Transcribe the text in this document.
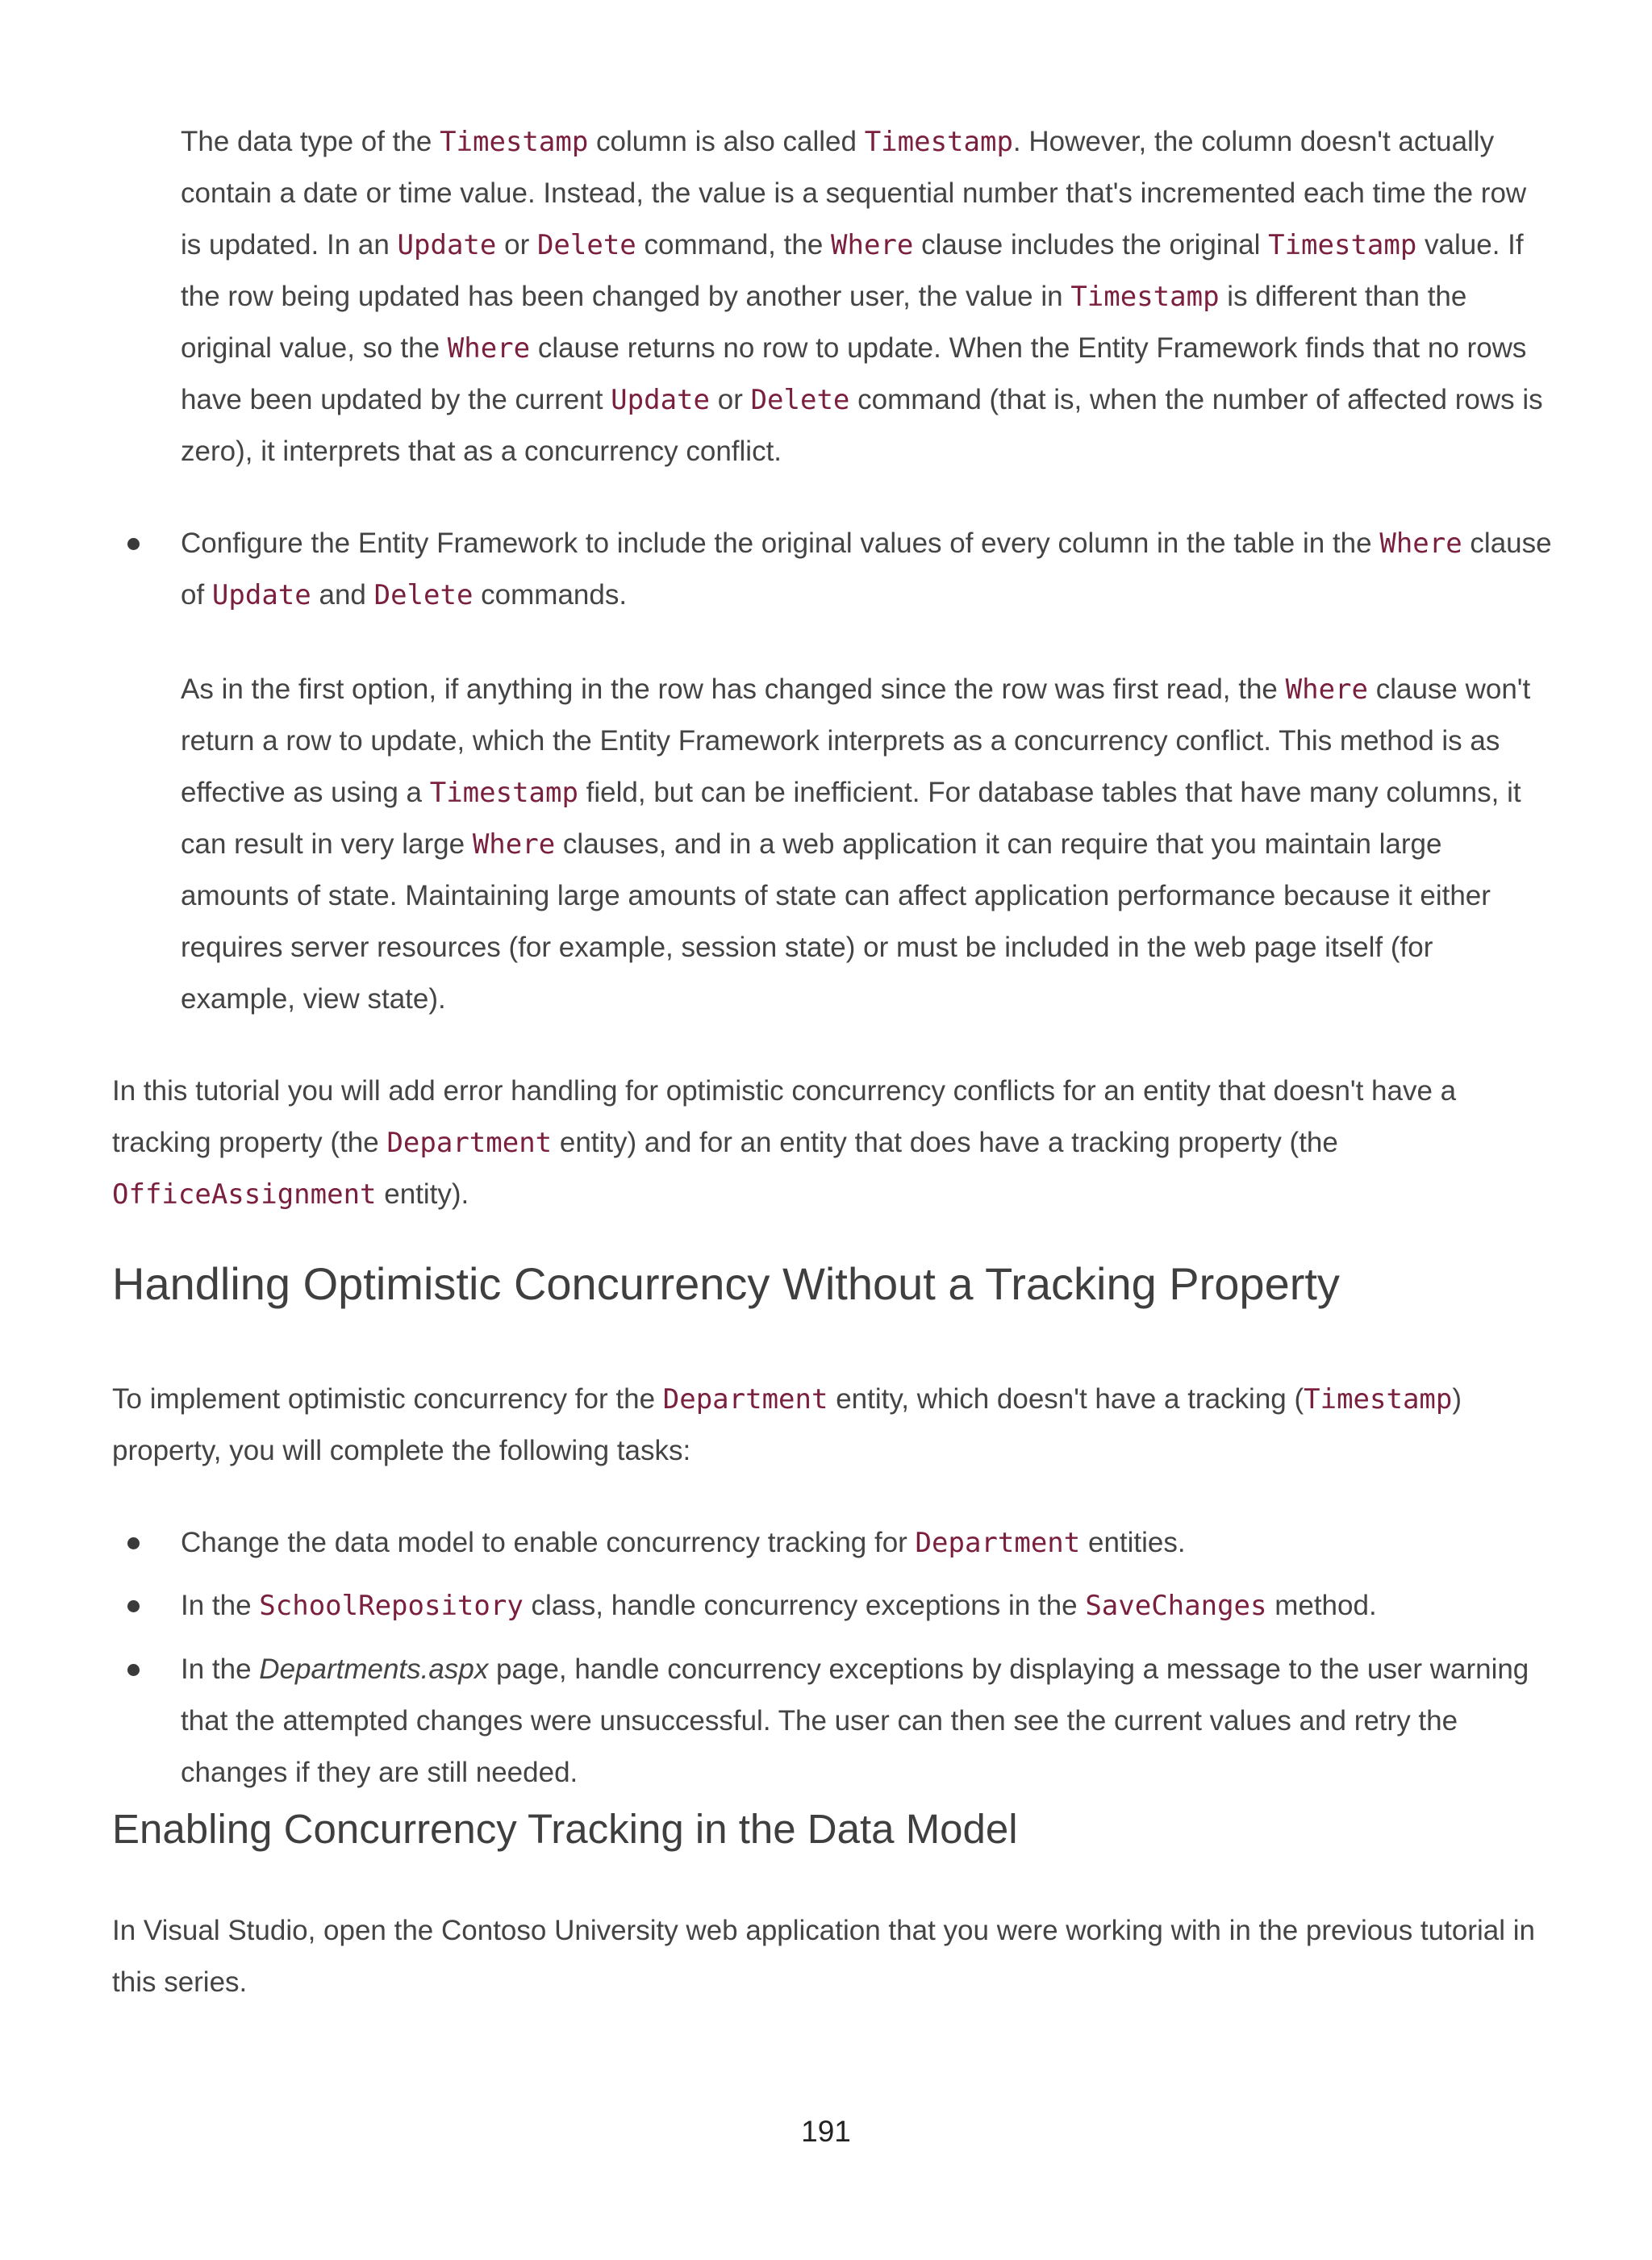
The data type of the Timestamp column is also called Timestamp. However, the column doesn't actually contain a date or time value. Instead, the value is a sequential number that's incremented each time the row is updated. In an Update or Delete command, the Where clause includes the original Timestamp value. If the row being updated has been changed by another user, the value in Timestamp is different than the original value, so the Where clause returns no row to update. When the Entity Framework finds that no rows have been updated by the current Update or Delete command (that is, when the number of affected rows is zero), it interprets that as a concurrency conflict.

Configure the Entity Framework to include the original values of every column in the table in the Where clause of Update and Delete commands.

As in the first option, if anything in the row has changed since the row was first read, the Where clause won't return a row to update, which the Entity Framework interprets as a concurrency conflict. This method is as effective as using a Timestamp field, but can be inefficient. For database tables that have many columns, it can result in very large Where clauses, and in a web application it can require that you maintain large amounts of state. Maintaining large amounts of state can affect application performance because it either requires server resources (for example, session state) or must be included in the web page itself (for example, view state).

In this tutorial you will add error handling for optimistic concurrency conflicts for an entity that doesn't have a tracking property (the Department entity) and for an entity that does have a tracking property (the OfficeAssignment entity).

Handling Optimistic Concurrency Without a Tracking Property

To implement optimistic concurrency for the Department entity, which doesn't have a tracking (Timestamp) property, you will complete the following tasks:

Change the data model to enable concurrency tracking for Department entities.

In the SchoolRepository class, handle concurrency exceptions in the SaveChanges method.

In the Departments.aspx page, handle concurrency exceptions by displaying a message to the user warning that the attempted changes were unsuccessful. The user can then see the current values and retry the changes if they are still needed.

Enabling Concurrency Tracking in the Data Model

In Visual Studio, open the Contoso University web application that you were working with in the previous tutorial in this series.

191
